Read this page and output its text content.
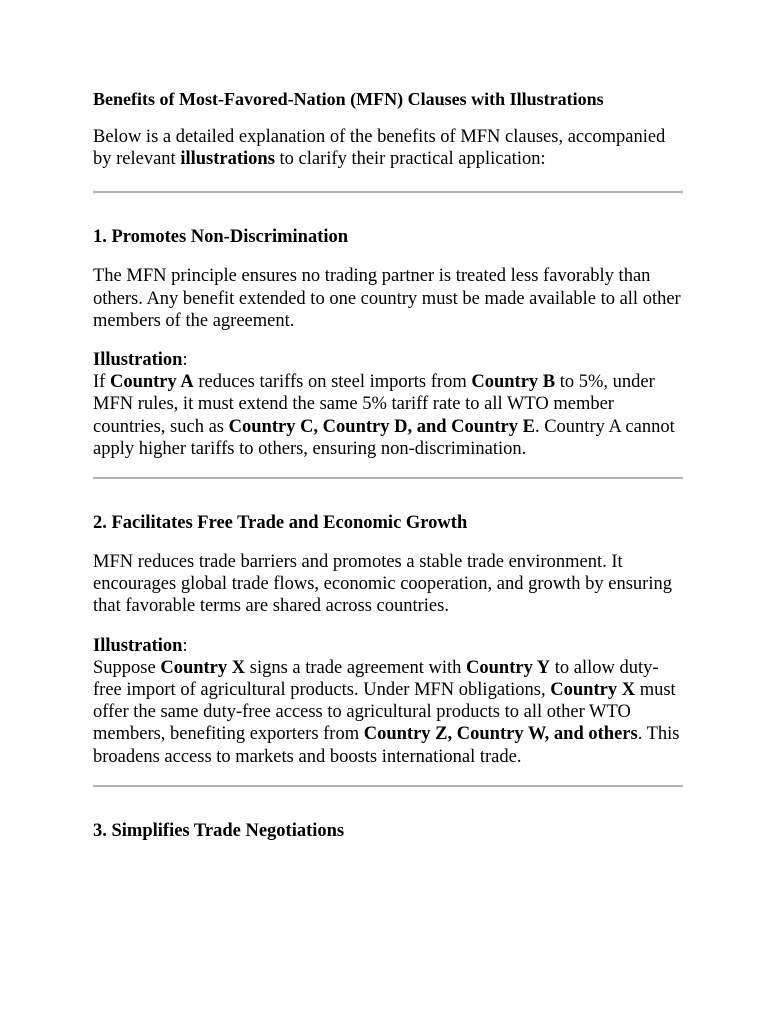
Benefits of Most-Favored-Nation (MFN) Clauses with Illustrations

Below is a detailed explanation of the benefits of MFN clauses, accompanied by relevant illustrations to clarify their practical application:

1. Promotes Non-Discrimination

The MFN principle ensures no trading partner is treated less favorably than others. Any benefit extended to one country must be made available to all other members of the agreement.

Illustration:
If Country A reduces tariffs on steel imports from Country B to 5%, under MFN rules, it must extend the same 5% tariff rate to all WTO member countries, such as Country C, Country D, and Country E. Country A cannot apply higher tariffs to others, ensuring non-discrimination.

2. Facilitates Free Trade and Economic Growth

MFN reduces trade barriers and promotes a stable trade environment. It encourages global trade flows, economic cooperation, and growth by ensuring that favorable terms are shared across countries.

Illustration:
Suppose Country X signs a trade agreement with Country Y to allow duty-free import of agricultural products. Under MFN obligations, Country X must offer the same duty-free access to agricultural products to all other WTO members, benefiting exporters from Country Z, Country W, and others. This broadens access to markets and boosts international trade.

3. Simplifies Trade Negotiations
